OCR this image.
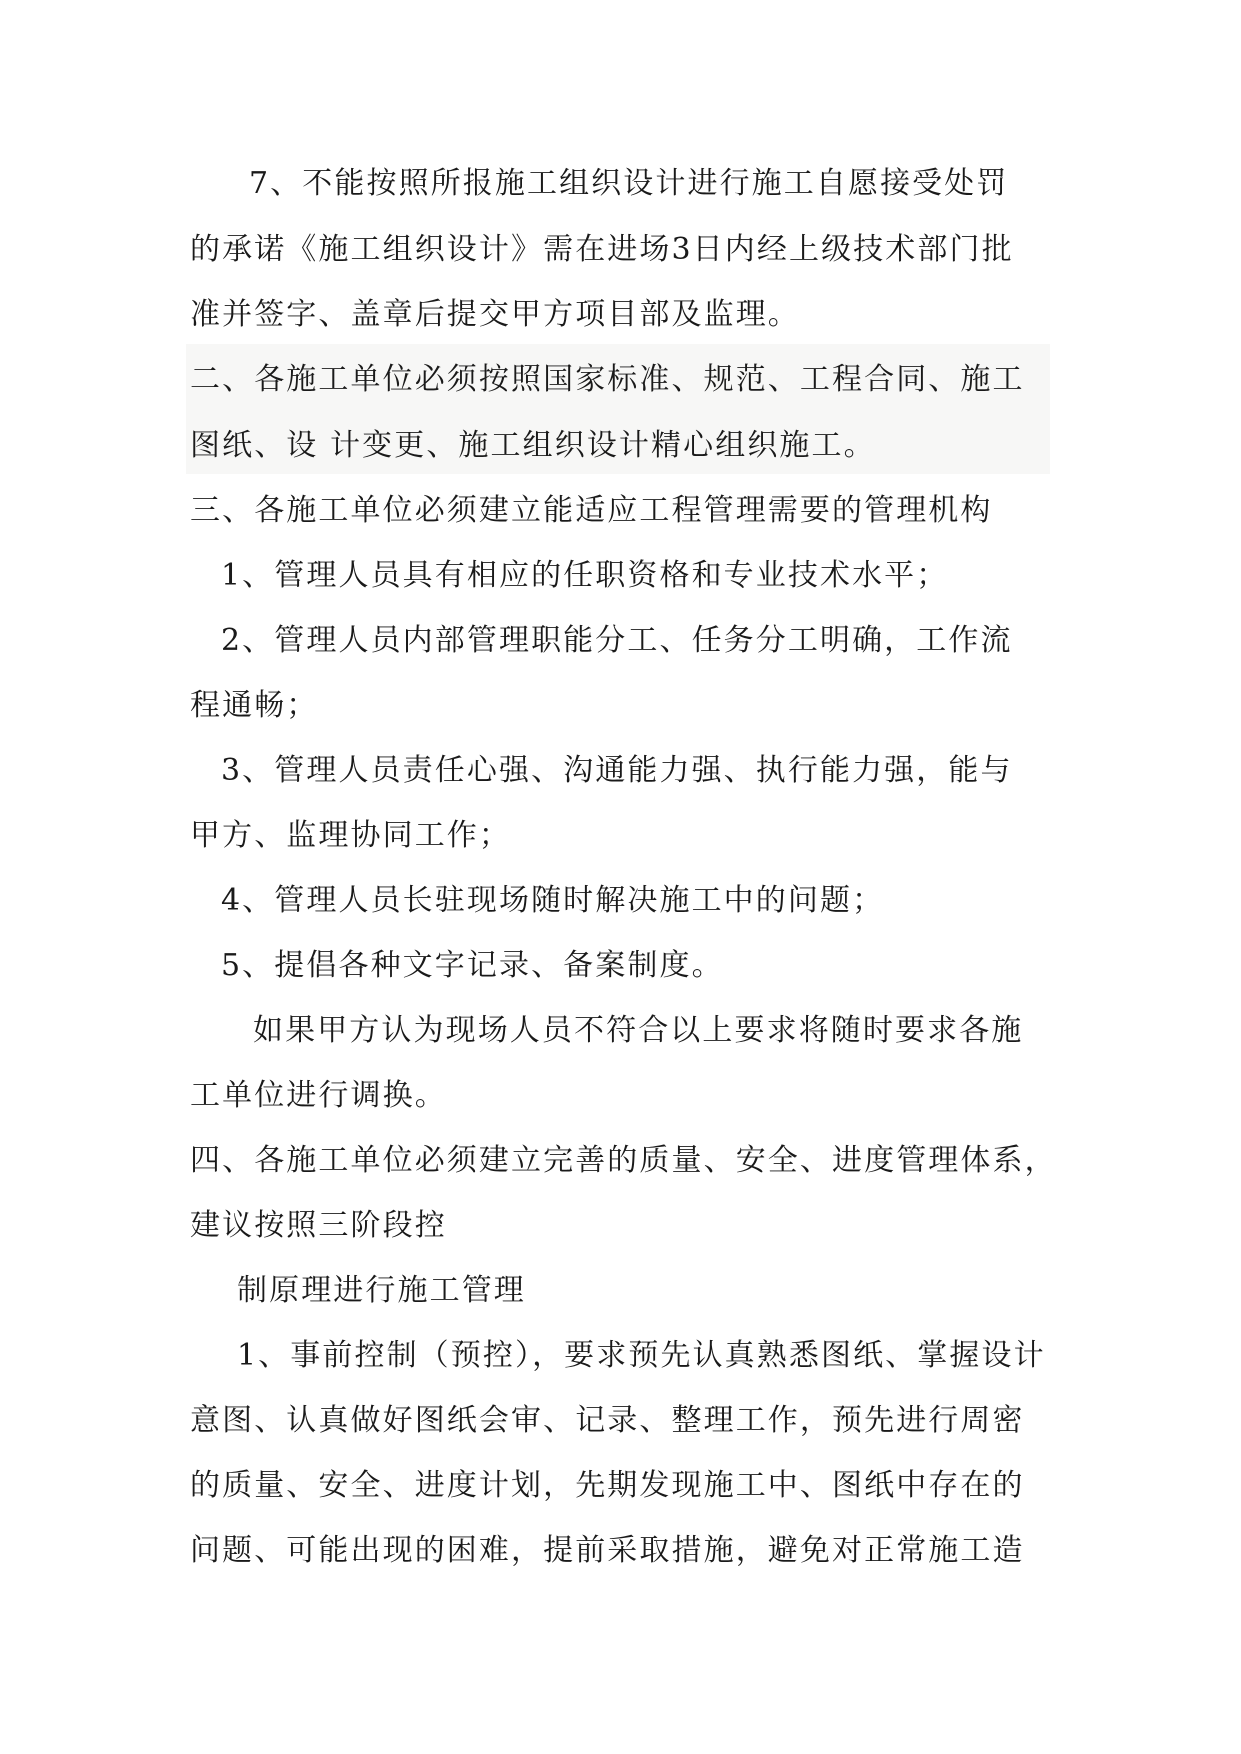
7、不能按照所报施工组织设计进行施工自愿接受处罚
的承诺《施工组织设计》需在进场3日内经上级技术部门批
准并签字、盖章后提交甲方项目部及监理。
二、各施工单位必须按照国家标准、规范、工程合同、施工
图纸、设 计变更、施工组织设计精心组织施工。
三、各施工单位必须建立能适应工程管理需要的管理机构
1、管理人员具有相应的任职资格和专业技术水平；
2、管理人员内部管理职能分工、任务分工明确，工作流
程通畅；
3、管理人员责任心强、沟通能力强、执行能力强，能与
甲方、监理协同工作；
4、管理人员长驻现场随时解决施工中的问题；
5、提倡各种文字记录、备案制度。
如果甲方认为现场人员不符合以上要求将随时要求各施
工单位进行调换。
四、各施工单位必须建立完善的质量、安全、进度管理体系，
建议按照三阶段控
制原理进行施工管理
1、事前控制（预控），要求预先认真熟悉图纸、掌握设计
意图、认真做好图纸会审、记录、整理工作，预先进行周密
的质量、安全、进度计划，先期发现施工中、图纸中存在的
问题、可能出现的困难，提前采取措施，避免对正常施工造
